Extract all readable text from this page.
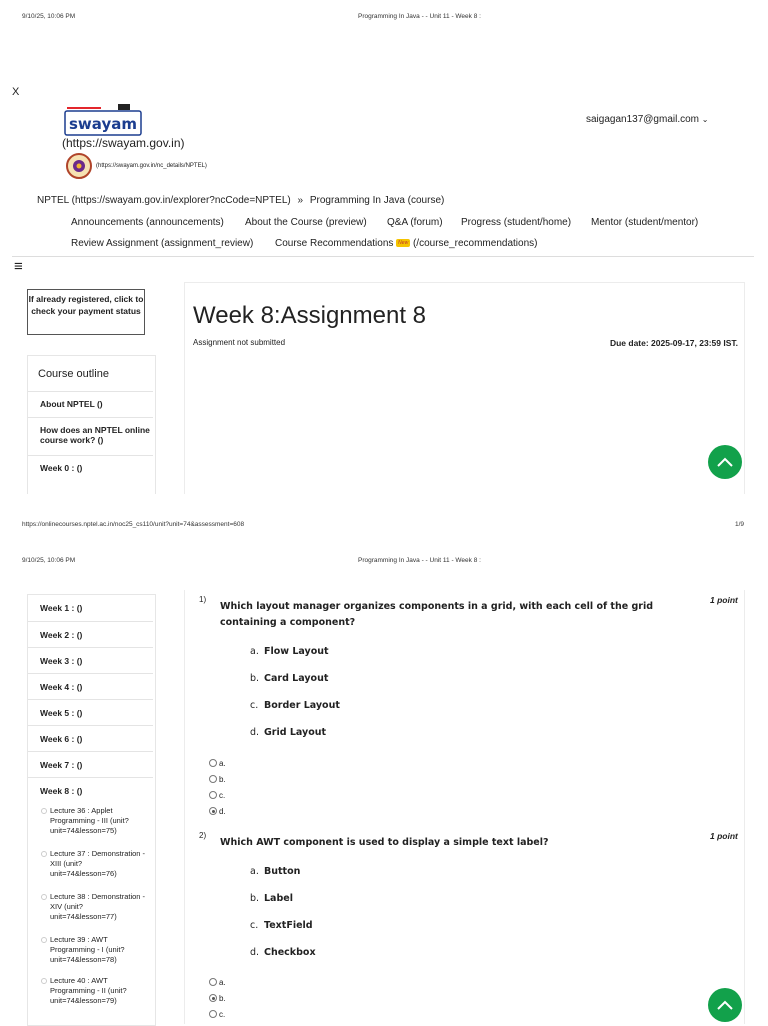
9/10/25, 10:06 PM	Programming In Java - - Unit 11 - Week 8 :
X
swayam
(https://swayam.gov.in)
(https://swayam.gov.in/nc_details/NPTEL)
saigagan137@gmail.com ⌄
NPTEL (https://swayam.gov.in/explorer?ncCode=NPTEL) » Programming In Java (course)
Announcements (announcements) About the Course (preview) Q&A (forum) Progress (student/home) Mentor (student/mentor)
Review Assignment (assignment_review) Course Recommendations New (/course_recommendations)
≡
If already registered, click to check your payment status
Course outline
About NPTEL ()
How does an NPTEL online course work? ()
Week 0 : ()
Week 8:Assignment 8
Assignment not submitted	Due date: 2025-09-17, 23:59 IST.
https://onlinecourses.nptel.ac.in/noc25_cs110/unit?unit=74&assessment=608	1/9
9/10/25, 10:06 PM	Programming In Java - - Unit 11 - Week 8 :
Week 1 : ()
Week 2 : ()
Week 3 : ()
Week 4 : ()
Week 5 : ()
Week 6 : ()
Week 7 : ()
Week 8 : ()
Lecture 36 : Applet Programming - III (unit?unit=74&lesson=75)
Lecture 37 : Demonstration - XIII (unit?unit=74&lesson=76)
Lecture 38 : Demonstration - XIV (unit?unit=74&lesson=77)
Lecture 39 : AWT Programming - I (unit?unit=74&lesson=78)
Lecture 40 : AWT Programming - II (unit?unit=74&lesson=79)
1)
Which layout manager organizes components in a grid, with each cell of the grid containing a component?
1 point
a. Flow Layout
b. Card Layout
c. Border Layout
d. Grid Layout
a.
b.
c.
d.
2)
Which AWT component is used to display a simple text label?
1 point
a. Button
b. Label
c. TextField
d. Checkbox
a.
b.
c.
